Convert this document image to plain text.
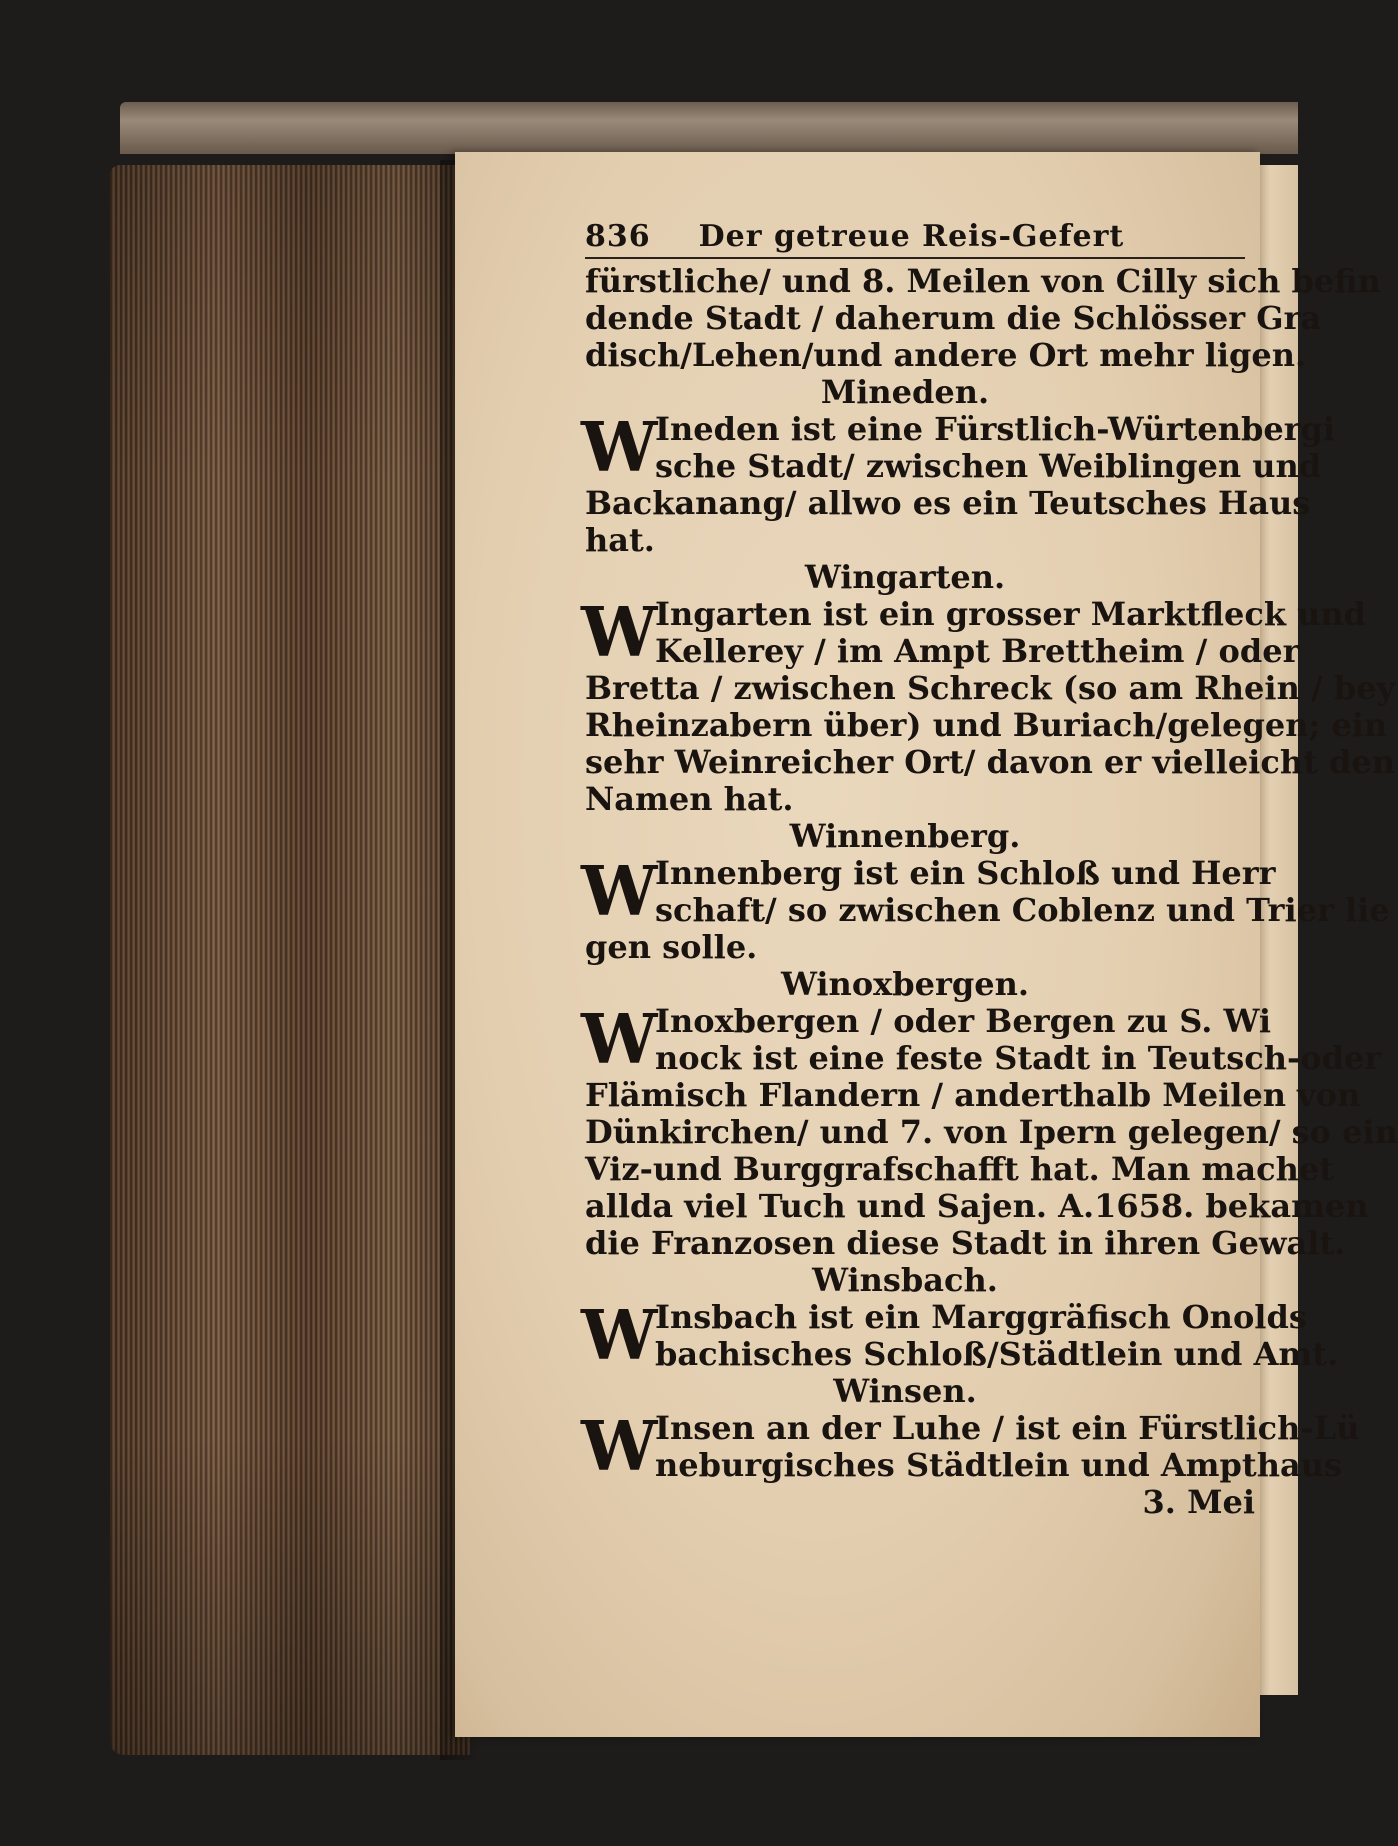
836 Der getreue Reis-Gefert
fürstliche/ und 8. Meilen von Cilly sich befin
dende Stadt / daherum die Schlösser Gra
disch/Lehen/und andere Ort mehr ligen.
Mineden.
W
Ineden ist eine Fürstlich-Würtenbergi
sche Stadt/ zwischen Weiblingen und
Backanang/ allwo es ein Teutsches Haus
hat.
Wingarten.
W
Ingarten ist ein grosser Marktfleck und
Kellerey / im Ampt Brettheim / oder
Bretta / zwischen Schreck (so am Rhein / bey
Rheinzabern über) und Buriach/gelegen; ein
sehr Weinreicher Ort/ davon er vielleicht den
Namen hat.
Winnenberg.
W
Innenberg ist ein Schloß und Herr
schaft/ so zwischen Coblenz und Trier lie
gen solle.
Winoxbergen.
W
Inoxbergen / oder Bergen zu S. Wi
nock ist eine feste Stadt in Teutsch-oder
Flämisch Flandern / anderthalb Meilen von
Dünkirchen/ und 7. von Ipern gelegen/ so ein
Viz-und Burggrafschafft hat. Man machet
allda viel Tuch und Sajen. A.1658. bekamen
die Franzosen diese Stadt in ihren Gewalt.
Winsbach.
W
Insbach ist ein Marggräfisch Onolds
bachisches Schloß/Städtlein und Amt.
Winsen.
W
Insen an der Luhe / ist ein Fürstlich-Lü
neburgisches Städtlein und Ampthaus
3. Mei
